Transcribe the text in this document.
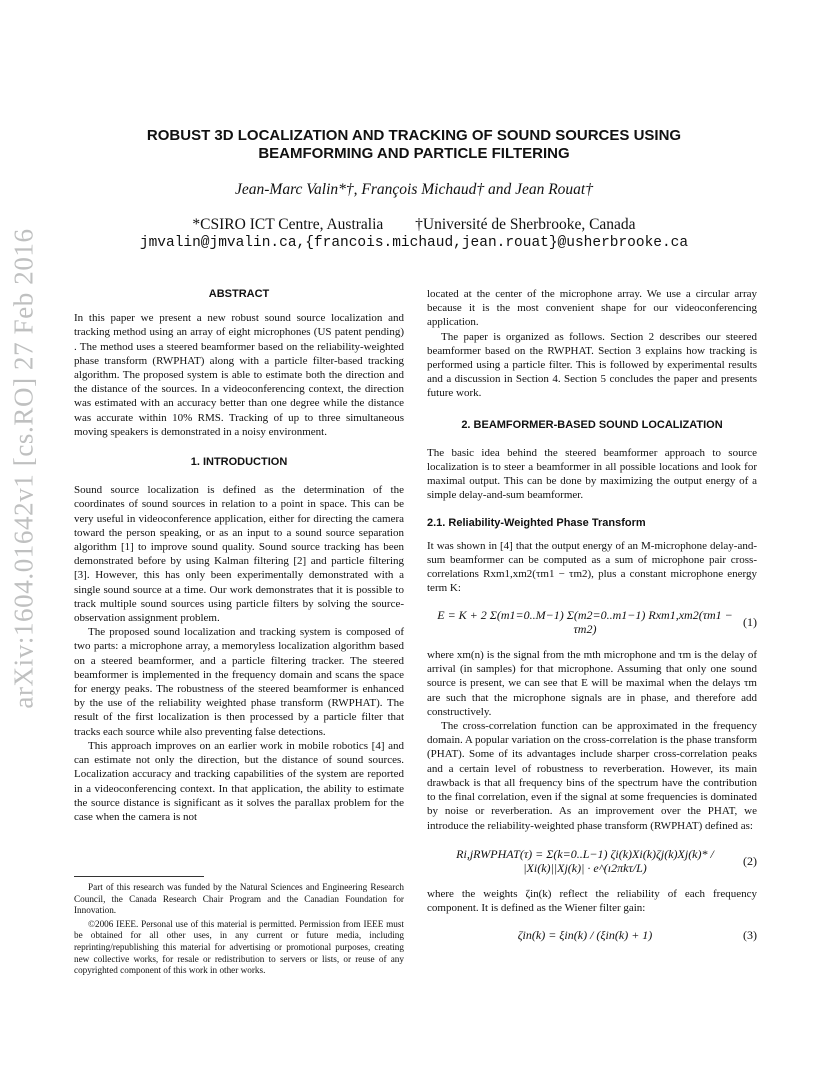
arXiv:1604.01642v1 [cs.RO] 27 Feb 2016
ROBUST 3D LOCALIZATION AND TRACKING OF SOUND SOURCES USING
BEAMFORMING AND PARTICLE FILTERING
Jean-Marc Valin*†, François Michaud† and Jean Rouat†
*CSIRO ICT Centre, Australia †Université de Sherbrooke, Canada
jmvalin@jmvalin.ca,{francois.michaud,jean.rouat}@usherbrooke.ca
ABSTRACT

In this paper we present a new robust sound source localization and tracking method using an array of eight microphones (US patent pending) . The method uses a steered beamformer based on the reliability-weighted phase transform (RWPHAT) along with a particle filter-based tracking algorithm. The proposed system is able to estimate both the direction and the distance of the sources. In a videoconferencing context, the direction was estimated with an accuracy better than one degree while the distance was accurate within 10% RMS. Tracking of up to three simultaneous moving speakers is demonstrated in a noisy environment.

1. INTRODUCTION

Sound source localization is defined as the determination of the coordinates of sound sources in relation to a point in space. This can be very useful in videoconference application, either for directing the camera toward the person speaking, or as an input to a sound source separation algorithm [1] to improve sound quality. Sound source tracking has been demonstrated before by using Kalman filtering [2] and particle filtering [3]. However, this has only been experimentally demonstrated with a single sound source at a time. Our work demonstrates that it is possible to track multiple sound sources using particle filters by solving the source-observation assignment problem.

The proposed sound localization and tracking system is composed of two parts: a microphone array, a memoryless localization algorithm based on a steered beamformer, and a particle filtering tracker. The steered beamformer is implemented in the frequency domain and scans the space for energy peaks. The robustness of the steered beamformer is enhanced by the use of the reliability weighted phase transform (RWPHAT). The result of the first localization is then processed by a particle filter that tracks each source while also preventing false detections.

This approach improves on an earlier work in mobile robotics [4] and can estimate not only the direction, but the distance of sound sources. Localization accuracy and tracking capabilities of the system are reported in a videoconferencing context. In that application, the ability to estimate the source distance is significant as it solves the parallax problem for the case when the camera is not

Part of this research was funded by the Natural Sciences and Engineering Research Council, the Canada Research Chair Program and the Canadian Foundation for Innovation.

©2006 IEEE. Personal use of this material is permitted. Permission from IEEE must be obtained for all other uses, in any current or future media, including reprinting/republishing this material for advertising or promotional purposes, creating new collective works, for resale or redistribution to servers or lists, or reuse of any copyrighted component of this work in other works.

located at the center of the microphone array. We use a circular array because it is the most convenient shape for our videoconferencing application.

The paper is organized as follows. Section 2 describes our steered beamformer based on the RWPHAT. Section 3 explains how tracking is performed using a particle filter. This is followed by experimental results and a discussion in Section 4. Section 5 concludes the paper and presents future work.

2. BEAMFORMER-BASED SOUND LOCALIZATION

The basic idea behind the steered beamformer approach to source localization is to steer a beamformer in all possible locations and look for maximal output. This can be done by maximizing the output energy of a simple delay-and-sum beamformer.

2.1. Reliability-Weighted Phase Transform

It was shown in [4] that the output energy of an M-microphone delay-and-sum beamformer can be computed as a sum of microphone pair cross-correlations Rxm1,xm2(τm1 − τm2), plus a constant microphone energy term K:

E = K + 2 Σ(m1=0..M−1) Σ(m2=0..m1−1) Rxm1,xm2(τm1 − τm2)
(1)

where xm(n) is the signal from the mth microphone and τm is the delay of arrival (in samples) for that microphone. Assuming that only one sound source is present, we can see that E will be maximal when the delays τm are such that the microphone signals are in phase, and therefore add constructively.

The cross-correlation function can be approximated in the frequency domain. A popular variation on the cross-correlation is the phase transform (PHAT). Some of its advantages include sharper cross-correlation peaks and a certain level of robustness to reverberation. However, its main drawback is that all frequency bins of the spectrum have the contribution to the final correlation, even if the signal at some frequencies is dominated by noise or reverberation. As an improvement over the PHAT, we introduce the reliability-weighted phase transform (RWPHAT) defined as:

Ri,jRWPHAT(τ) = Σ(k=0..L−1) ζi(k)Xi(k)ζj(k)Xj(k)* / |Xi(k)||Xj(k)| · e^(ı2πkτ/L)
(2)

where the weights ζin(k) reflect the reliability of each frequency component. It is defined as the Wiener filter gain:

ζin(k) = ξin(k) / (ξin(k) + 1)	(3)
